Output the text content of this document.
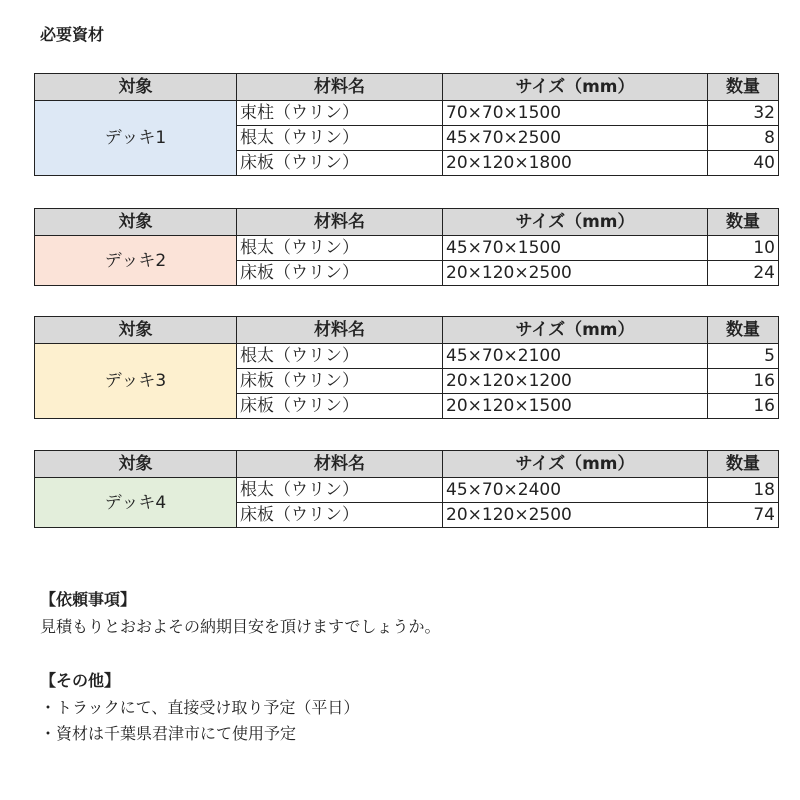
必要資材
対象	材料名	サイズ（mm）	数量
デッキ1	束柱（ウリン）	70×70×1500	32
	根太（ウリン）	45×70×2500	8
	床板（ウリン）	20×120×1800	40
対象	材料名	サイズ（mm）	数量
デッキ2	根太（ウリン）	45×70×1500	10
	床板（ウリン）	20×120×2500	24
対象	材料名	サイズ（mm）	数量
デッキ3	根太（ウリン）	45×70×2100	5
	床板（ウリン）	20×120×1200	16
	床板（ウリン）	20×120×1500	16
対象	材料名	サイズ（mm）	数量
デッキ4	根太（ウリン）	45×70×2400	18
	床板（ウリン）	20×120×2500	74
【依頼事項】
見積もりとおおよその納期目安を頂けますでしょうか。
【その他】
・トラックにて、直接受け取り予定（平日）
・資材は千葉県君津市にて使用予定
